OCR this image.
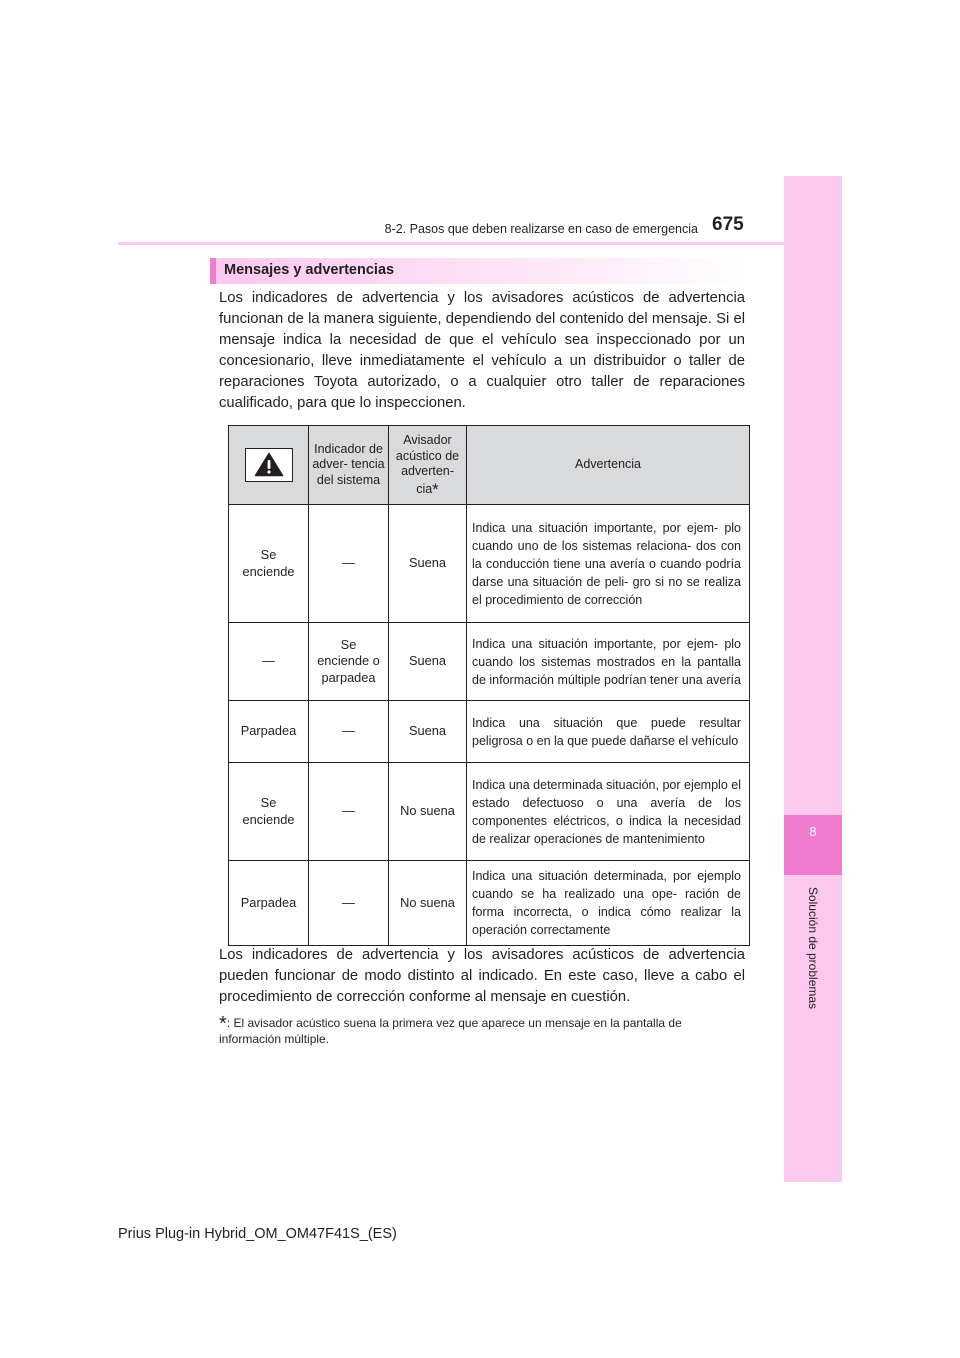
8
Solución de problemas
8-2. Pasos que deben realizarse en caso de emergencia 675
Mensajes y advertencias
Los indicadores de advertencia y los avisadores acústicos de advertencia funcionan de la manera siguiente, dependiendo del contenido del mensaje. Si el mensaje indica la necesidad de que el vehículo sea inspeccionado por un concesionario, lleve inmediatamente el vehículo a un distribuidor o taller de reparaciones Toyota autorizado, o a cualquier otro taller de reparaciones cualificado, para que lo inspeccionen.
	Indicador de adver- tencia del sistema	Avisador acústico de adverten- cia*	Advertencia
Se enciende	—	Suena	Indica una situación importante, por ejem- plo cuando uno de los sistemas relaciona- dos con la conducción tiene una avería o cuando podría darse una situación de peli- gro si no se realiza el procedimiento de corrección
—	Se enciende o parpadea	Suena	Indica una situación importante, por ejem- plo cuando los sistemas mostrados en la pantalla de información múltiple podrían tener una avería
Parpadea	—	Suena	Indica una situación que puede resultar peligrosa o en la que puede dañarse el vehículo
Se enciende	—	No suena	Indica una determinada situación, por ejemplo el estado defectuoso o una avería de los componentes eléctricos, o indica la necesidad de realizar operaciones de mantenimiento
Parpadea	—	No suena	Indica una situación determinada, por ejemplo cuando se ha realizado una ope- ración de forma incorrecta, o indica cómo realizar la operación correctamente
Los indicadores de advertencia y los avisadores acústicos de advertencia pueden funcionar de modo distinto al indicado. En este caso, lleve a cabo el procedimiento de corrección conforme al mensaje en cuestión.
*: El avisador acústico suena la primera vez que aparece un mensaje en la pantalla de información múltiple.
Prius Plug-in Hybrid_OM_OM47F41S_(ES)
